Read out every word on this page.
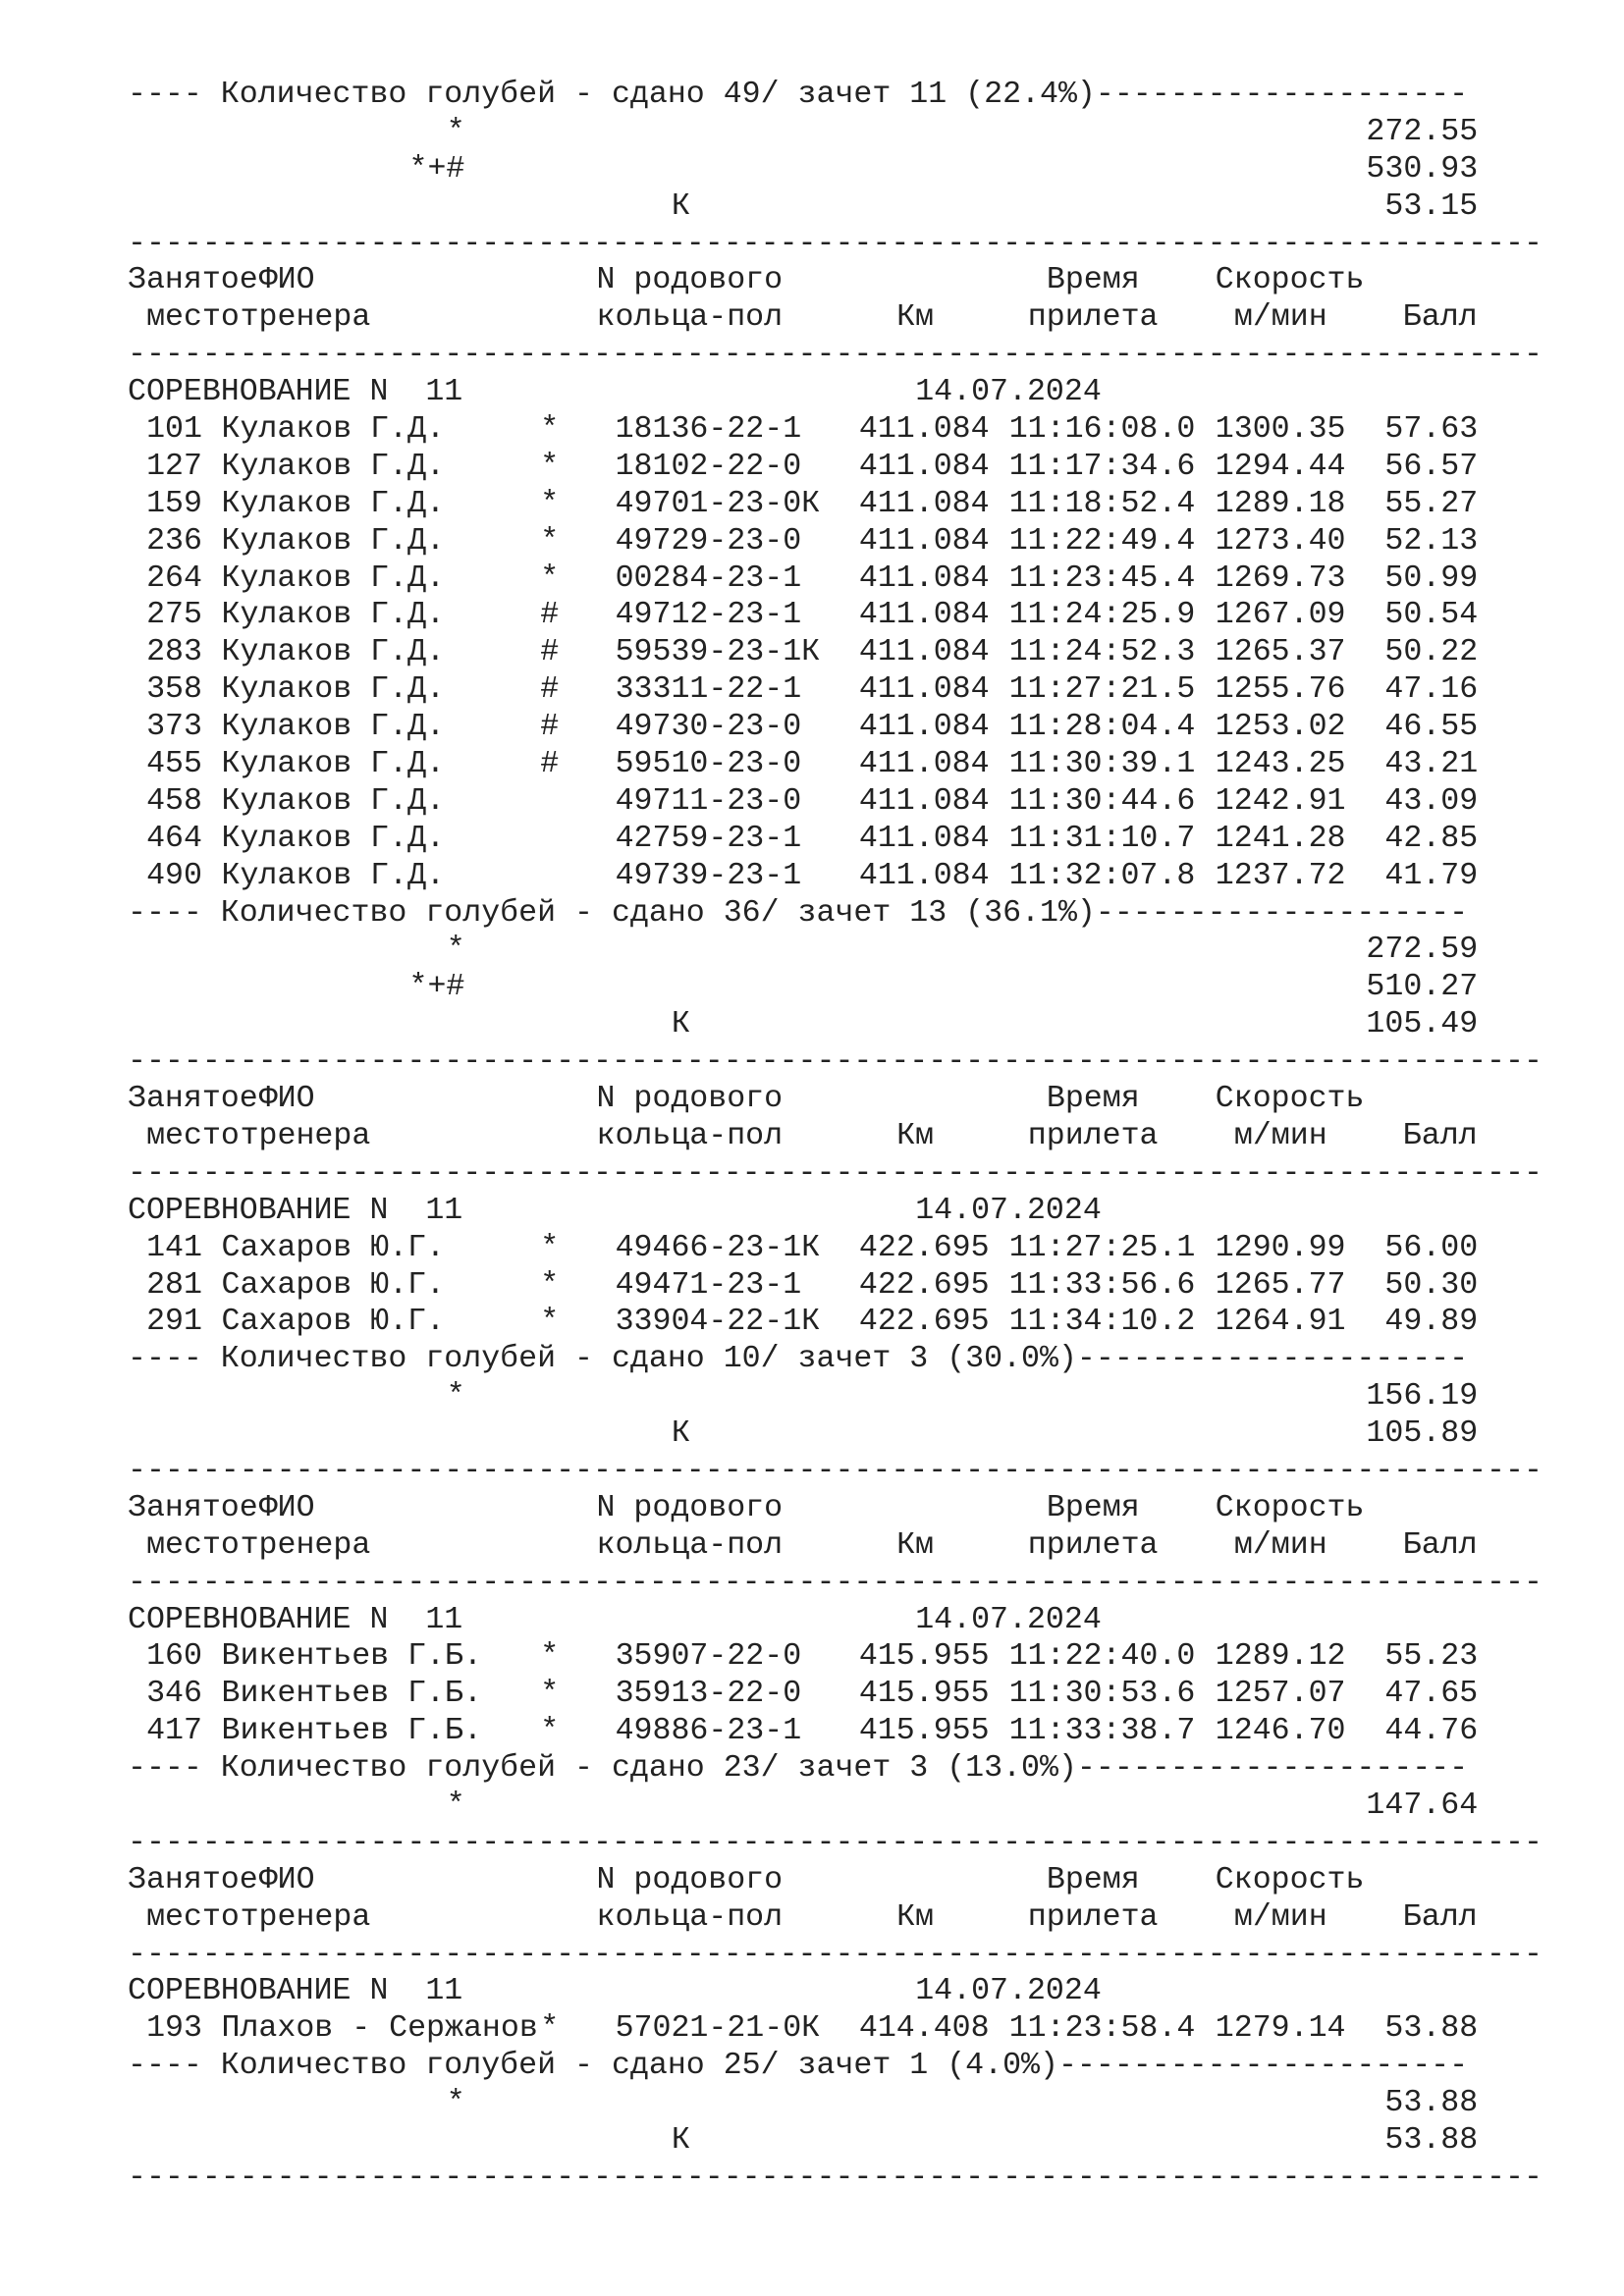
---- Количество голубей - сдано 49/ зачет 11 (22.4%)--------------------
*	272.55
*+#	530.93
К	53.15
----------------------------------------------------------------------------
Занятое ФИО	N родового	Время Скорость
место тренера	кольца-пол	Км	прилета м/мин Балл
----------------------------------------------------------------------------
СОРЕВНОВАНИЕ N  11	14.07.2024
101 Кулаков Г.Д.	* 18136-22-1 411.084 11:16:08.0 1300.35	57.63
127 Кулаков Г.Д.	* 18102-22-0 411.084 11:17:34.6 1294.44	56.57
159 Кулаков Г.Д.	* 49701-23-0К 411.084 11:18:52.4 1289.18	55.27
236 Кулаков Г.Д.	* 49729-23-0 411.084 11:22:49.4 1273.40	52.13
264 Кулаков Г.Д.	* 00284-23-1 411.084 11:23:45.4 1269.73	50.99
275 Кулаков Г.Д.	# 49712-23-1 411.084 11:24:25.9 1267.09	50.54
283 Кулаков Г.Д.	# 59539-23-1К 411.084 11:24:52.3 1265.37	50.22
358 Кулаков Г.Д.	# 33311-22-1 411.084 11:27:21.5 1255.76	47.16
373 Кулаков Г.Д.	# 49730-23-0 411.084 11:28:04.4 1253.02	46.55
455 Кулаков Г.Д.	# 59510-23-0 411.084 11:30:39.1 1243.25	43.21
458 Кулаков Г.Д.	49711-23-0 411.084 11:30:44.6 1242.91	43.09
464 Кулаков Г.Д.	42759-23-1 411.084 11:31:10.7 1241.28	42.85
490 Кулаков Г.Д.	49739-23-1 411.084 11:32:07.8 1237.72	41.79
---- Количество голубей - сдано 36/ зачет 13 (36.1%)--------------------
*	272.59
*+#	510.27
К	105.49
----------------------------------------------------------------------------
Занятое ФИО	N родового	Время Скорость
место тренера	кольца-пол	Км	прилета м/мин Балл
----------------------------------------------------------------------------
СОРЕВНОВАНИЕ N  11	14.07.2024
141 Сахаров Ю.Г.	* 49466-23-1К 422.695 11:27:25.1 1290.99	56.00
281 Сахаров Ю.Г.	* 49471-23-1 422.695 11:33:56.6 1265.77	50.30
291 Сахаров Ю.Г.	* 33904-22-1К 422.695 11:34:10.2 1264.91	49.89
---- Количество голубей - сдано 10/ зачет 3 (30.0%)---------------------
*	156.19
К	105.89
----------------------------------------------------------------------------
Занятое ФИО	N родового	Время Скорость
место тренера	кольца-пол	Км	прилета м/мин Балл
----------------------------------------------------------------------------
СОРЕВНОВАНИЕ N  11	14.07.2024
160 Викентьев Г.Б. * 35907-22-0 415.955 11:22:40.0 1289.12	55.23
346 Викентьев Г.Б. * 35913-22-0 415.955 11:30:53.6 1257.07	47.65
417 Викентьев Г.Б. * 49886-23-1 415.955 11:33:38.7 1246.70	44.76
---- Количество голубей - сдано 23/ зачет 3 (13.0%)---------------------
*	147.64
----------------------------------------------------------------------------
Занятое ФИО	N родового	Время Скорость
место тренера	кольца-пол	Км	прилета м/мин Балл
----------------------------------------------------------------------------
СОРЕВНОВАНИЕ N  11	14.07.2024
193 Плахов - Сержанов * 57021-21-0К 414.408 11:23:58.4 1279.14	53.88
---- Количество голубей - сдано 25/ зачет 1 (4.0%)----------------------
*	53.88
К	53.88
----------------------------------------------------------------------------
